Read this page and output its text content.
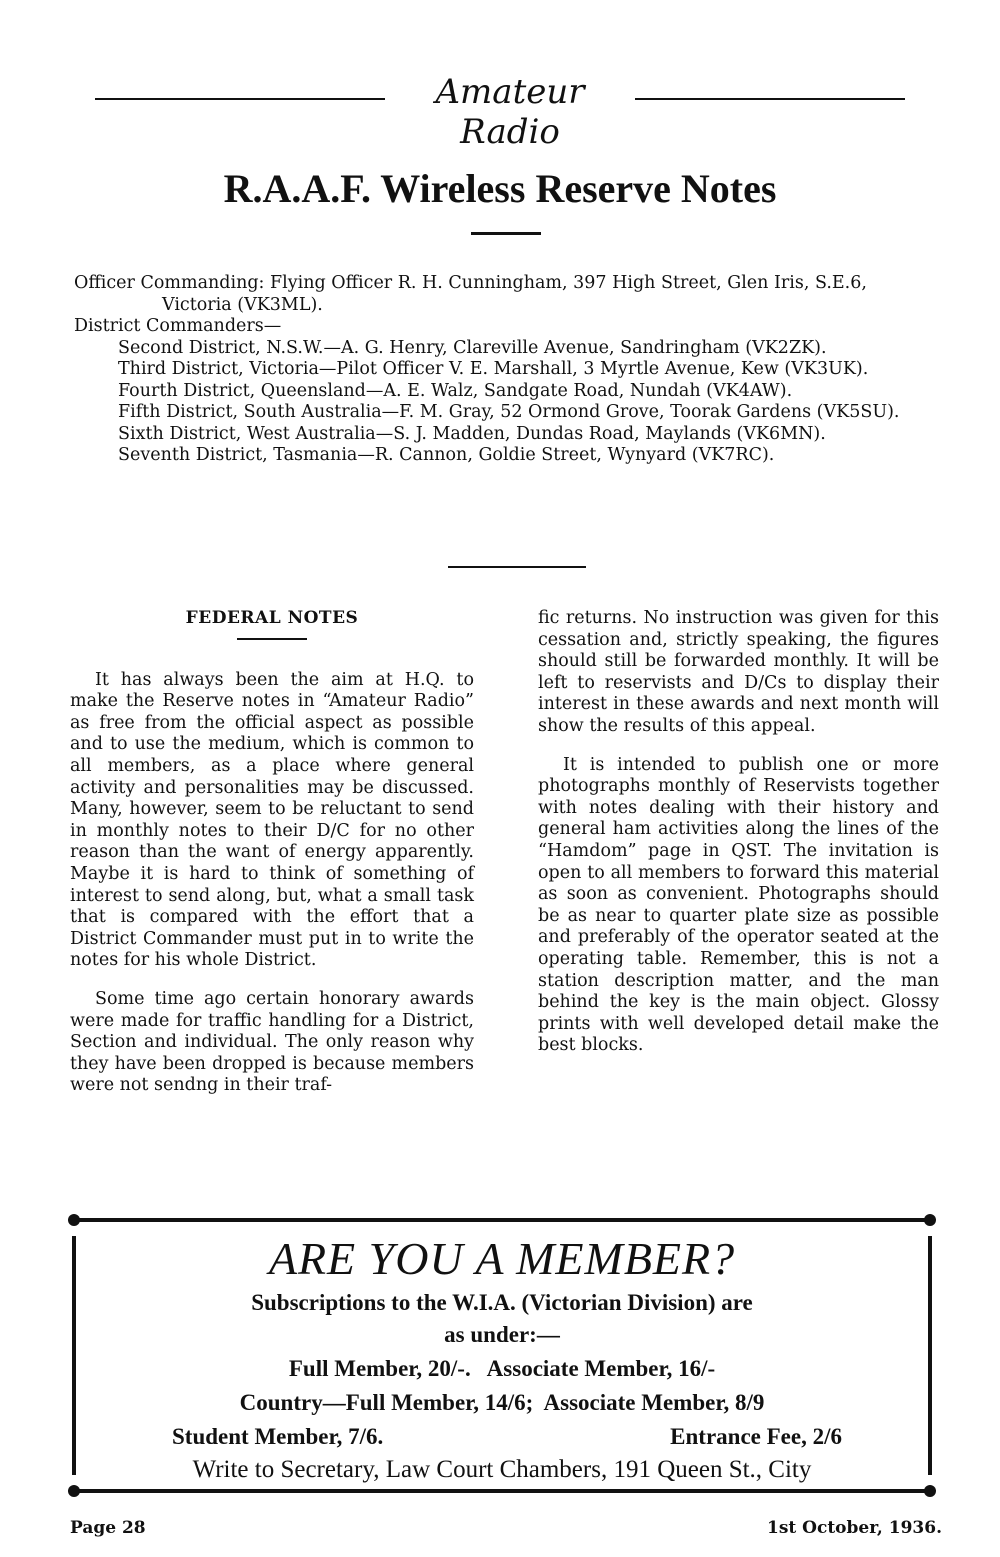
Amateur Radio
R.A.A.F. Wireless Reserve Notes

Officer Commanding: Flying Officer R. H. Cunningham, 397 High Street, Glen Iris, S.E.6, Victoria (VK3ML).

District Commanders—

Second District, N.S.W.—A. G. Henry, Clareville Avenue, Sandringham (VK2ZK).

Third District, Victoria—Pilot Officer V. E. Marshall, 3 Myrtle Avenue, Kew (VK3UK).

Fourth District, Queensland—A. E. Walz, Sandgate Road, Nundah (VK4AW).

Fifth District, South Australia—F. M. Gray, 52 Ormond Grove, Toorak Gardens (VK5SU).

Sixth District, West Australia—S. J. Madden, Dundas Road, Maylands (VK6MN).

Seventh District, Tasmania—R. Cannon, Goldie Street, Wynyard (VK7RC).

FEDERAL NOTES

It has always been the aim at H.Q. to make the Reserve notes in “Amateur Radio” as free from the official aspect as possible and to use the medium, which is common to all members, as a place where general activity and personalities may be discussed. Many, however, seem to be reluctant to send in monthly notes to their D/C for no other reason than the want of energy apparently. Maybe it is hard to think of something of interest to send along, but, what a small task that is compared with the effort that a District Commander must put in to write the notes for his whole District.

Some time ago certain honorary awards were made for traffic handling for a District, Section and individual. The only reason why they have been dropped is because members were not sendng in their traf-

fic returns. No instruction was given for this cessation and, strictly speaking, the figures should still be forwarded monthly. It will be left to reservists and D/Cs to display their interest in these awards and next month will show the results of this appeal.

It is intended to publish one or more photographs monthly of Reservists together with notes dealing with their history and general ham activities along the lines of the “Hamdom” page in QST. The invitation is open to all members to forward this material as soon as convenient. Photographs should be as near to quarter plate size as possible and preferably of the operator seated at the operating table. Remember, this is not a station description matter, and the man behind the key is the main object. Glossy prints with well developed detail make the best blocks.

ARE YOU A MEMBER?
Subscriptions to the W.I.A. (Victorian Division) are
as under:—
Full Member, 20/-.   Associate Member, 16/-
Country—Full Member, 14/6;  Associate Member, 8/9
Student Member, 7/6.	Entrance Fee, 2/6
Write to Secretary, Law Court Chambers, 191 Queen St., City
Page 28	1st October, 1936.
